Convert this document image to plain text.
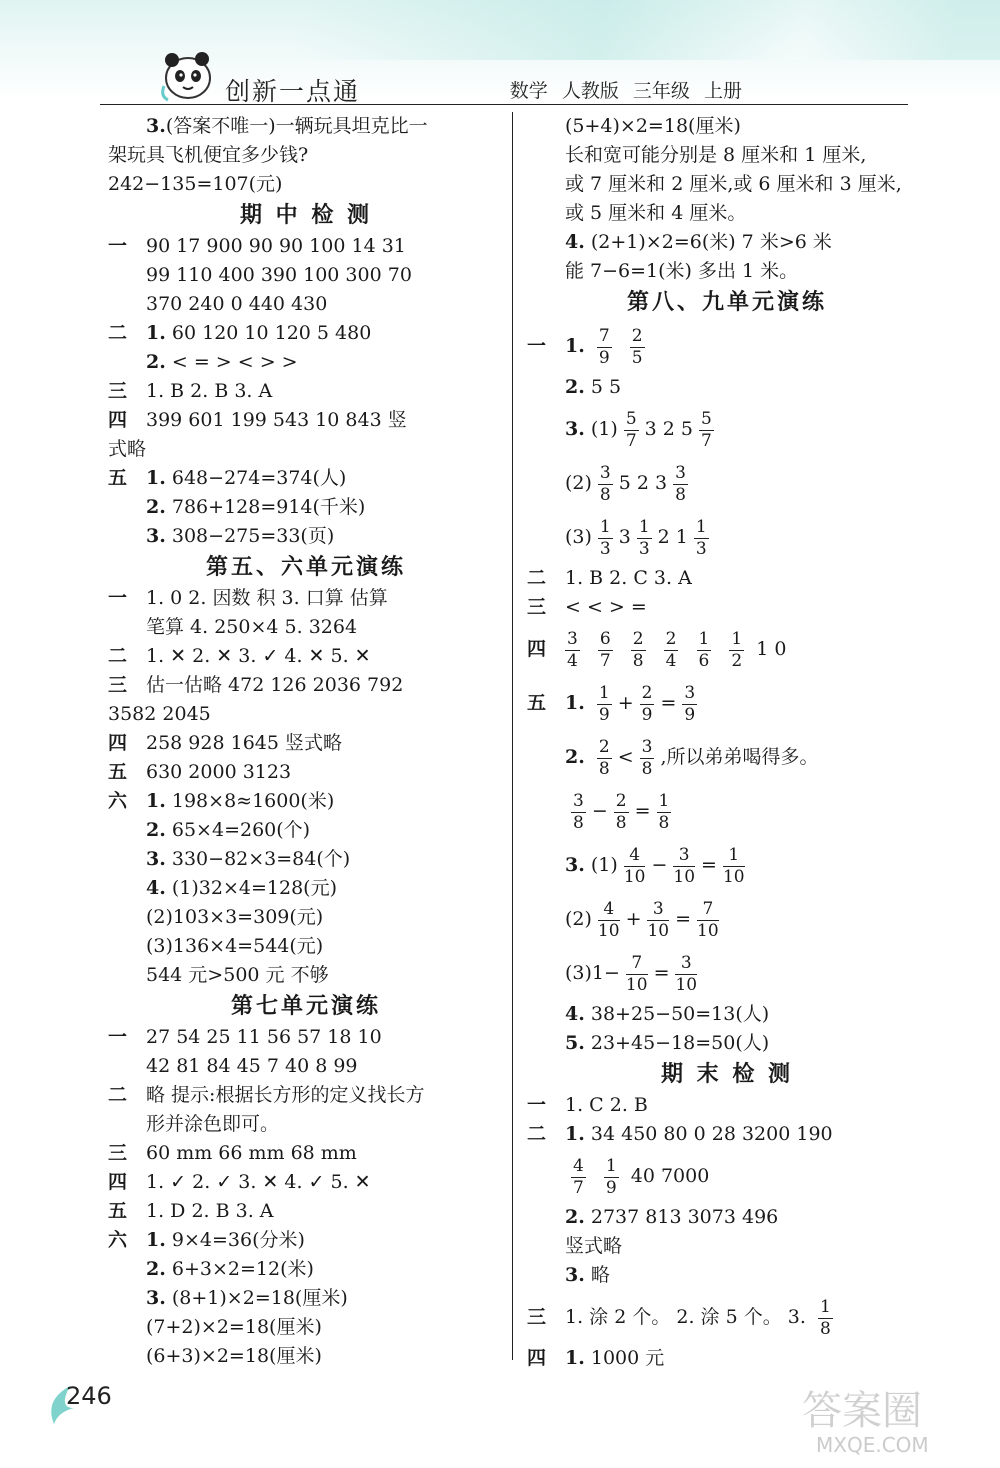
创新一点通	数学 人教版 三年级 上册
3.(答案不唯一)一辆玩具坦克比一
架玩具飞机便宜多少钱?
242−135=107(元)
期 中 检 测
一 90 17 900 90 90 100 14 31
99 110 400 390 100 300 70
370 240 0 440 430
二 1. 60 120 10 120 5 480
2. < = > < > >
三 1. B 2. B 3. A
四 399 601 199 543 10 843 竖
式略
五 1. 648−274=374(人)
2. 786+128=914(千米)
3. 308−275=33(页)
第五、六单元演练
一 1. 0 2. 因数 积 3. 口算 估算
笔算 4. 250×4 5. 3264
二 1. ✕ 2. ✕ 3. ✓ 4. ✕ 5. ✕
三 估一估略 472 126 2036 792
3582 2045
四 258 928 1645 竖式略
五 630 2000 3123
六 1. 198×8≈1600(米)
2. 65×4=260(个)
3. 330−82×3=84(个)
4. (1)32×4=128(元)
(2)103×3=309(元)
(3)136×4=544(元)
544 元>500 元 不够
第七单元演练
一 27 54 25 11 56 57 18 10
42 81 84 45 7 40 8 99
二 略 提示:根据长方形的定义找长方
形并涂色即可。
三 60 mm 66 mm 68 mm
四 1. ✓ 2. ✓ 3. ✕ 4. ✓ 5. ✕
五 1. D 2. B 3. A
六 1. 9×4=36(分米)
2. 6+3×2=12(米)
3. (8+1)×2=18(厘米)
(7+2)×2=18(厘米)
(6+3)×2=18(厘米)
(5+4)×2=18(厘米)
长和宽可能分别是 8 厘米和 1 厘米,
或 7 厘米和 2 厘米,或 6 厘米和 3 厘米,
或 5 厘米和 4 厘米。
4. (2+1)×2=6(米) 7 米>6 米
能 7−6=1(米) 多出 1 米。
第八、九单元演练
一 1. $\frac{7}{9}$
$\frac{2}{5}$
2. 5 5
3. $(1) \frac{5}{7} 3$ 2 $5 \frac{5}{7}$
$(2) \frac{3}{8} 5$ 2 $3 \frac{3}{8}$
$(3) \frac{1}{3} 3 \frac{1}{3} 2$ $1 \frac{1}{3}$
二 1. B 2. C 3. A
三 < < > =
四 $\frac{3}{4}$
$\frac{6}{7}$
$\frac{2}{8}$
$\frac{2}{4}$
$\frac{1}{6}$
$\frac{1}{2} 1$ 0
五 1. $\frac{1}{9} + \frac{2}{9} = \frac{3}{9}$
2. $\frac{2}{8} < \frac{3}{8}$ ,所以弟弟喝得多。
$\frac{3}{8} - \frac{2}{8} = \frac{1}{8}$
3. $(1) \frac{4}{10} - \frac{3}{10} = \frac{1}{10}$
$(2) \frac{4}{10} + \frac{3}{10} = \frac{7}{10}$
$(3)1- \frac{7}{10} = \frac{3}{10}$
4. 38+25−50=13(人)
5. 23+45−18=50(人)
期 末 检 测
一 1. C 2. B
二 1. 34 450 80 0 28 3200 190
$\frac{4}{7}$
$\frac{1}{9} 40$ 7000
2. 2737 813 3073 496
竖式略
3. 略
三 1. 涂 2 个。 2. 涂 5 个。 3. $\frac{1}{8}$
四 1. 1000 元
246	答案圈
MXQE.COM
